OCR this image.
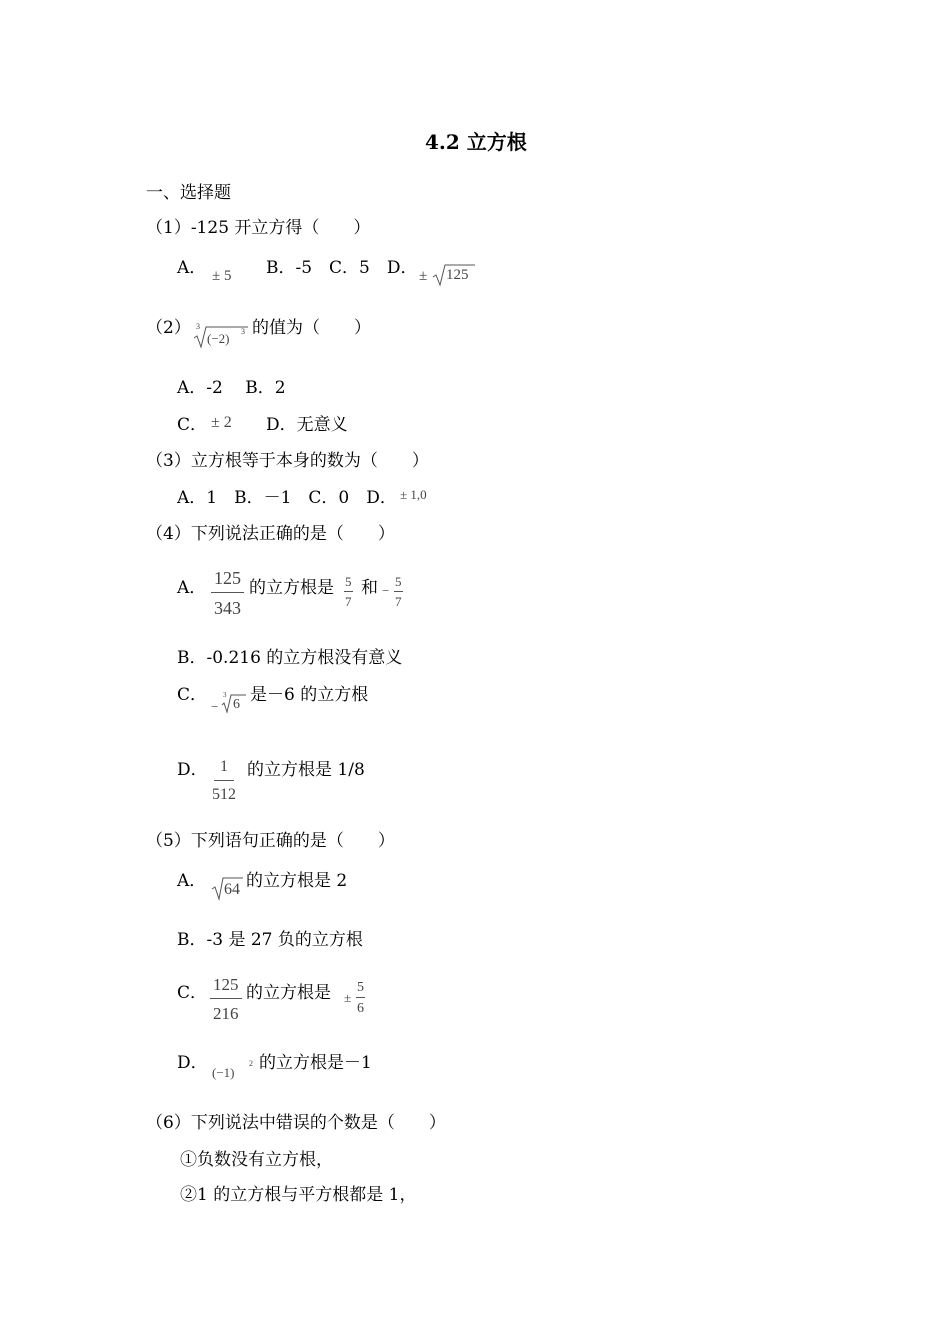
4.2 立方根
一、选择题
（1）-125 开立方得（　　）
A． ± 5 B．-5　C．5　D． ± 125
（2） 3
(−2) 3 的值为（　　）
A．-2　 B．2
C． ± 2 D．无意义
（3）立方根等于本身的数为（　　）
A．1　B．－1　C．0　D． ± 1,0
（4）下列说法正确的是（　　）
A． $\frac{125}{343}$ 的立方根是 $\frac{5}{7}$ 和 − $\frac{5}{7}$
B．-0.216 的立方根没有意义
C．
−
3
6 是－6 的立方根
D． $\frac{1}{512}$ 的立方根是 1/8
（5）下列语句正确的是（　　）
A． 64 的立方根是 2
B．-3 是 27 负的立方根
C． $\frac{125}{216}$ 的立方根是 ± $\frac{5}{6}$
D． (−1)
2 的立方根是－1
（6）下列说法中错误的个数是（　　）
①负数没有立方根，
②1 的立方根与平方根都是 1，
